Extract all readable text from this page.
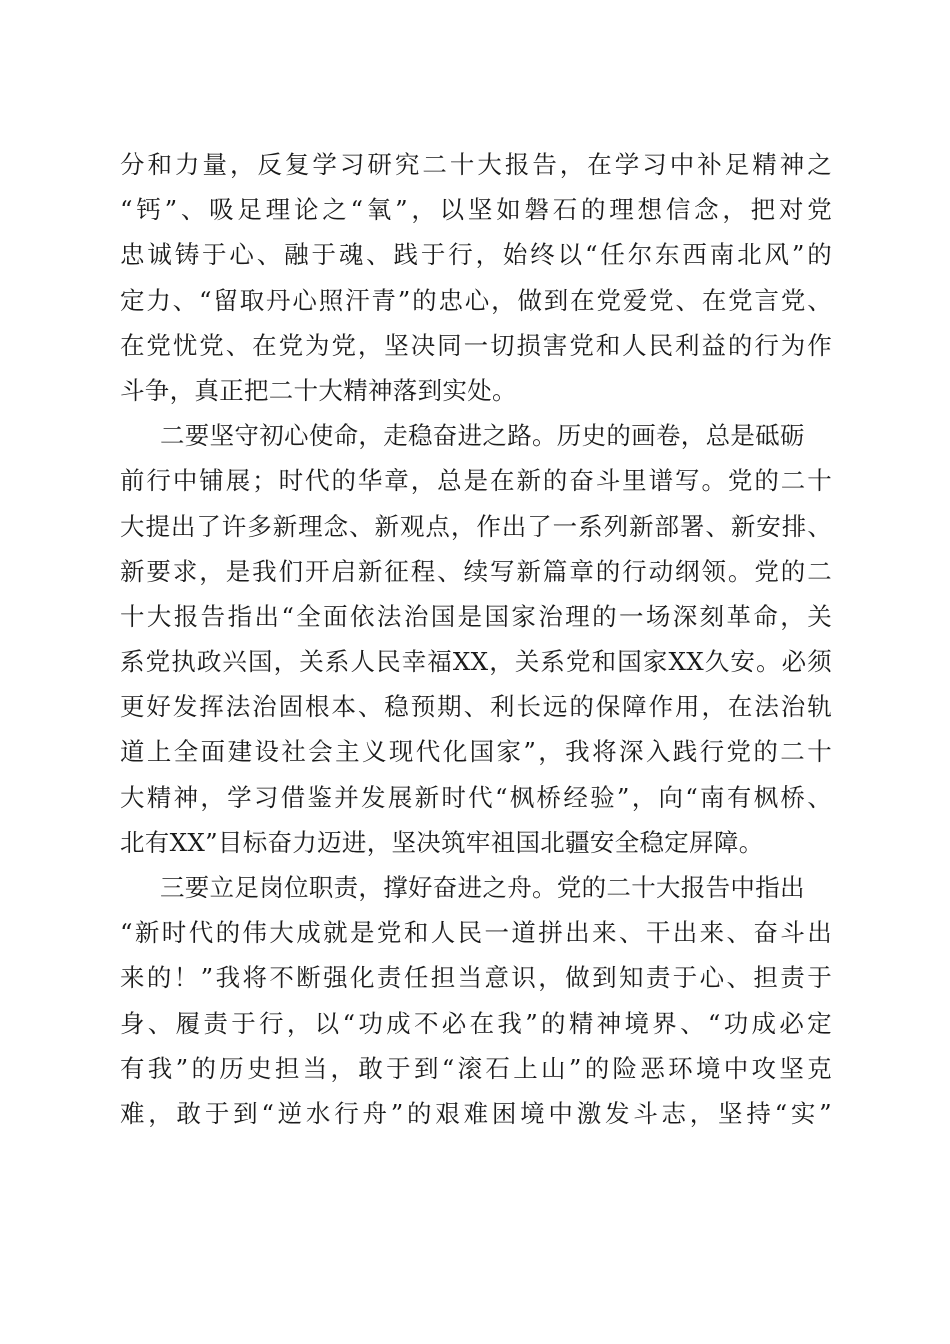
分和力量，反复学习研究二十大报告，在学习中补足精神之
“钙”、吸足理论之“氧”，以坚如磐石的理想信念，把对党
忠诚铸于心、融于魂、践于行，始终以“任尔东西南北风”的
定力、“留取丹心照汗青”的忠心，做到在党爱党、在党言党、
在党忧党、在党为党，坚决同一切损害党和人民利益的行为作
斗争，真正把二十大精神落到实处。
二要坚守初心使命，走稳奋进之路。历史的画卷，总是砥砺
前行中铺展；时代的华章，总是在新的奋斗里谱写。党的二十
大提出了许多新理念、新观点，作出了一系列新部署、新安排、
新要求，是我们开启新征程、续写新篇章的行动纲领。党的二
十大报告指出“全面依法治国是国家治理的一场深刻革命，关
系党执政兴国，关系人民幸福XX，关系党和国家XX久安。必须
更好发挥法治固根本、稳预期、利长远的保障作用，在法治轨
道上全面建设社会主义现代化国家”，我将深入践行党的二十
大精神，学习借鉴并发展新时代“枫桥经验”，向“南有枫桥、
北有XX”目标奋力迈进，坚决筑牢祖国北疆安全稳定屏障。
三要立足岗位职责，撑好奋进之舟。党的二十大报告中指出
“新时代的伟大成就是党和人民一道拼出来、干出来、奋斗出
来的！”我将不断强化责任担当意识，做到知责于心、担责于
身、履责于行，以“功成不必在我”的精神境界、“功成必定
有我”的历史担当，敢于到“滚石上山”的险恶环境中攻坚克
难，敢于到“逆水行舟”的艰难困境中激发斗志，坚持“实”
